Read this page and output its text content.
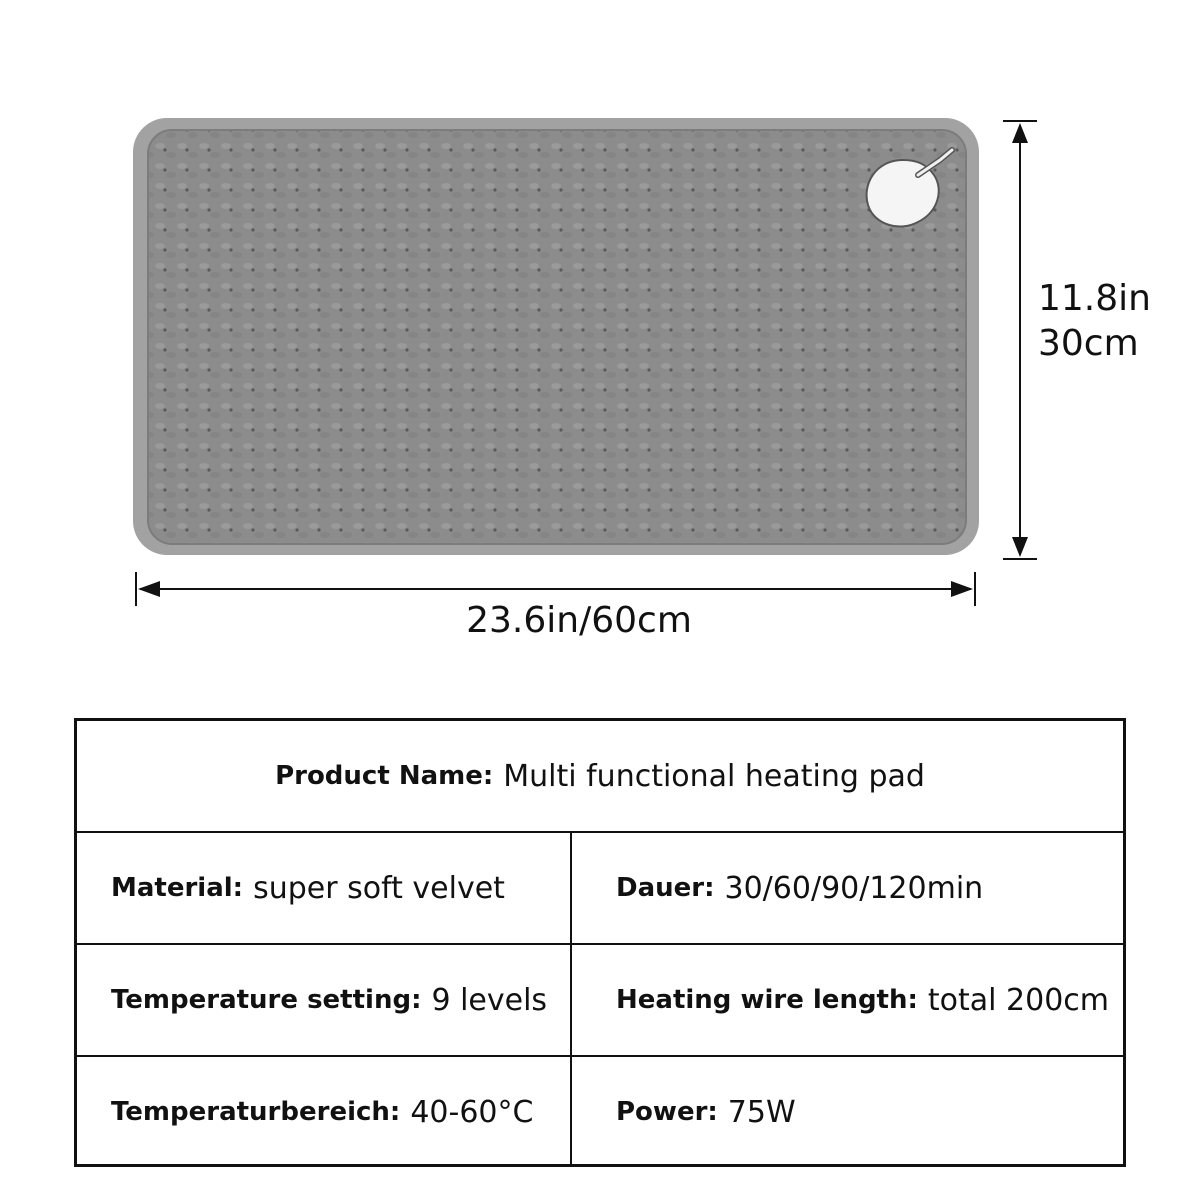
11.8in
30cm
23.6in/60cm
Product Name: Multi functional heating pad
Material: super soft velvet	Dauer: 30/60/90/120min
Temperature setting: 9 levels	Heating wire length: total 200cm
Temperaturbereich: 40-60°C	Power: 75W
